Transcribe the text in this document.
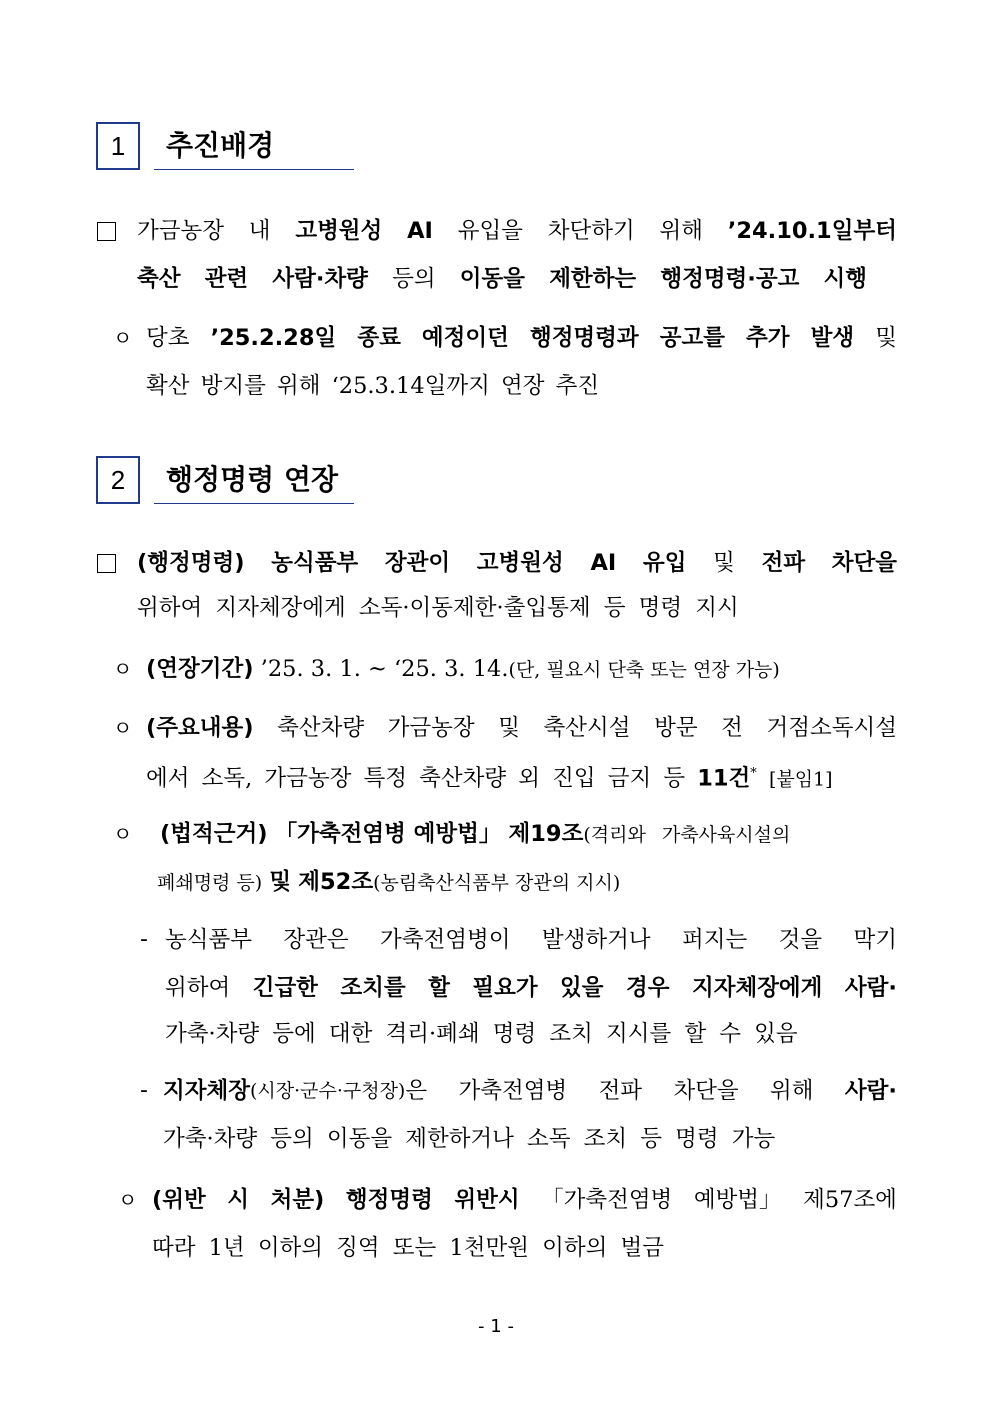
1	추진배경
가금농장 내 고병원성 AI 유입을 차단하기 위해 ’24.10.1일부터
축산 관련 사람·차량 등의 이동을 제한하는 행정명령·공고 시행
ㅇ 당초 ’25.2.28일 종료 예정이던 행정명령과 공고를 추가 발생 및
확산 방지를 위해 ‘25.3.14일까지 연장 추진
2	행정명령 연장
(행정명령) 농식품부 장관이 고병원성 AI 유입 및 전파 차단을
위하여 지자체장에게 소독·이동제한·출입통제 등 명령 지시
ㅇ (연장기간) ’25. 3. 1. ~ ‘25. 3. 14.(단, 필요시 단축 또는 연장 가능)
ㅇ (주요내용) 축산차량 가금농장 및 축산시설 방문 전 거점소독시설
에서 소독, 가금농장 특정 축산차량 외 진입 금지 등 11건* [붙임1]
ㅇ (법적근거) 「가축전염병 예방법」 제19조(격리와 가축사육시설의
폐쇄명령 등) 및 제52조(농림축산식품부 장관의 지시)
- 농식품부 장관은 가축전염병이 발생하거나 퍼지는 것을 막기
위하여 긴급한 조치를 할 필요가 있을 경우 지자체장에게 사람·
가축·차량 등에 대한 격리·폐쇄 명령 조치 지시를 할 수 있음
- 지자체장 (시장·군수·구청장) 은 가축전염병 전파 차단을 위해 사람·
가축·차량 등의 이동을 제한하거나 소독 조치 등 명령 가능
ㅇ (위반 시 처분) 행정명령 위반시 「가축전염병 예방법」 제57조에
따라 1년 이하의 징역 또는 1천만원 이하의 벌금
- 1 -
